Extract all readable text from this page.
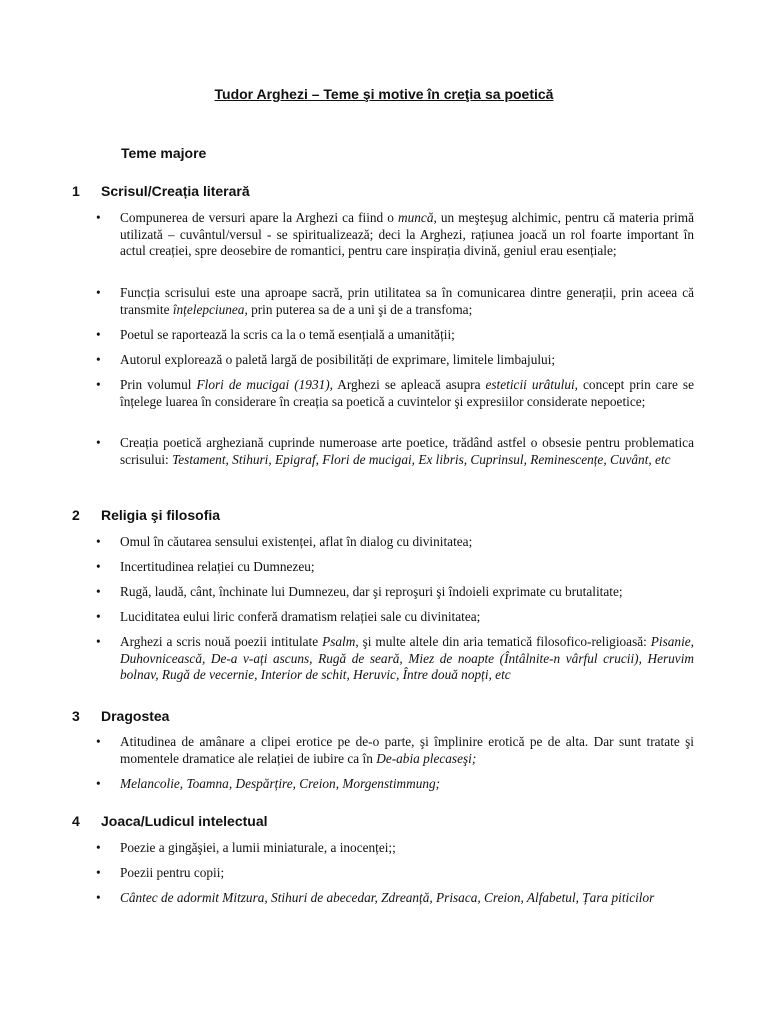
Tudor Arghezi – Teme şi motive în creţia sa poetică
Teme majore
1	Scrisul/Creația literară
• Compunerea de versuri apare la Arghezi ca fiind o muncă, un meşteşug alchimic, pentru că materia primă utilizată – cuvântul/versul - se spiritualizează; deci la Arghezi, rațiunea joacă un rol foarte important în actul creației, spre deosebire de romantici, pentru care inspirația divină, geniul erau esențiale;
• Funcția scrisului este una aproape sacră, prin utilitatea sa în comunicarea dintre generații, prin aceea că transmite înțelepciunea, prin puterea sa de a uni şi de a transfoma;
• Poetul se raportează la scris ca la o temă esențială a umanității;
• Autorul explorează o paletă largă de posibilități de exprimare, limitele limbajului;
• Prin volumul Flori de mucigai (1931), Arghezi se apleacă asupra esteticii urâtului, concept prin care se înțelege luarea în considerare în creația sa poetică a cuvintelor şi expresiilor considerate nepoetice;
• Creația poetică argheziană cuprinde numeroase arte poetice, trădând astfel o obsesie pentru problematica scrisului: Testament, Stihuri, Epigraf, Flori de mucigai, Ex libris, Cuprinsul, Reminescențe, Cuvânt, etc
2	Religia şi filosofia
• Omul în căutarea sensului existenței, aflat în dialog cu divinitatea;
• Incertitudinea relației cu Dumnezeu;
• Rugă, laudă, cânt, închinate lui Dumnezeu, dar şi reproşuri şi îndoieli exprimate cu brutalitate;
• Luciditatea eului liric conferă dramatism relației sale cu divinitatea;
• Arghezi a scris nouă poezii intitulate Psalm, şi multe altele din aria tematică filosofico-religioasă: Pisanie, Duhovnicească, De-a v-ați ascuns, Rugă de seară, Miez de noapte (Întâlnite-n vârful crucii), Heruvim bolnav, Rugă de vecernie, Interior de schit, Heruvic, Între două nopți, etc
3	Dragostea
• Atitudinea de amânare a clipei erotice pe de-o parte, şi împlinire erotică pe de alta. Dar sunt tratate şi momentele dramatice ale relației de iubire ca în De-abia plecaseşi;
• Melancolie, Toamna, Despărțire, Creion, Morgenstimmung;
4	Joaca/Ludicul intelectual
• Poezie a gingăşiei, a lumii miniaturale, a inocenței;;
• Poezii pentru copii;
• Cântec de adormit Mitzura, Stihuri de abecedar, Zdreanță, Prisaca, Creion, Alfabetul, Țara piticilor
